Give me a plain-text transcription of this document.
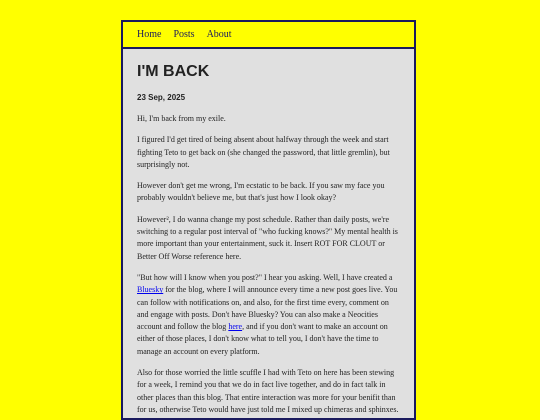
Home Posts About
I'M BACK
23 Sep, 2025

Hi, I'm back from my exile.

I figured I'd get tired of being absent about halfway through the week and start fighting Teto to get back on (she changed the password, that little gremlin), but surprisingly not.

However don't get me wrong, I'm ecstatic to be back. If you saw my face you probably wouldn't believe me, but that's just how I look okay?

However², I do wanna change my post schedule. Rather than daily posts, we're switching to a regular post interval of "who fucking knows?" My mental health is more important than your entertainment, suck it. Insert ROT FOR CLOUT or Better Off Worse reference here.

"But how will I know when you post?" I hear you asking. Well, I have created a Bluesky for the blog, where I will announce every time a new post goes live. You can follow with notifications on, and also, for the first time every, comment on and engage with posts. Don't have Bluesky? You can also make a Neocities account and follow the blog here, and if you don't want to make an account on either of those places, I don't know what to tell you, I don't have the time to manage an account on every platform.

Also for those worried the little scuffle I had with Teto on here has been stewing for a week, I remind you that we do in fact live together, and do in fact talk in other places than this blog. That entire interaction was more for your benifit than for us, otherwise Teto would have just told me I mixed up chimeras and sphinxes.
